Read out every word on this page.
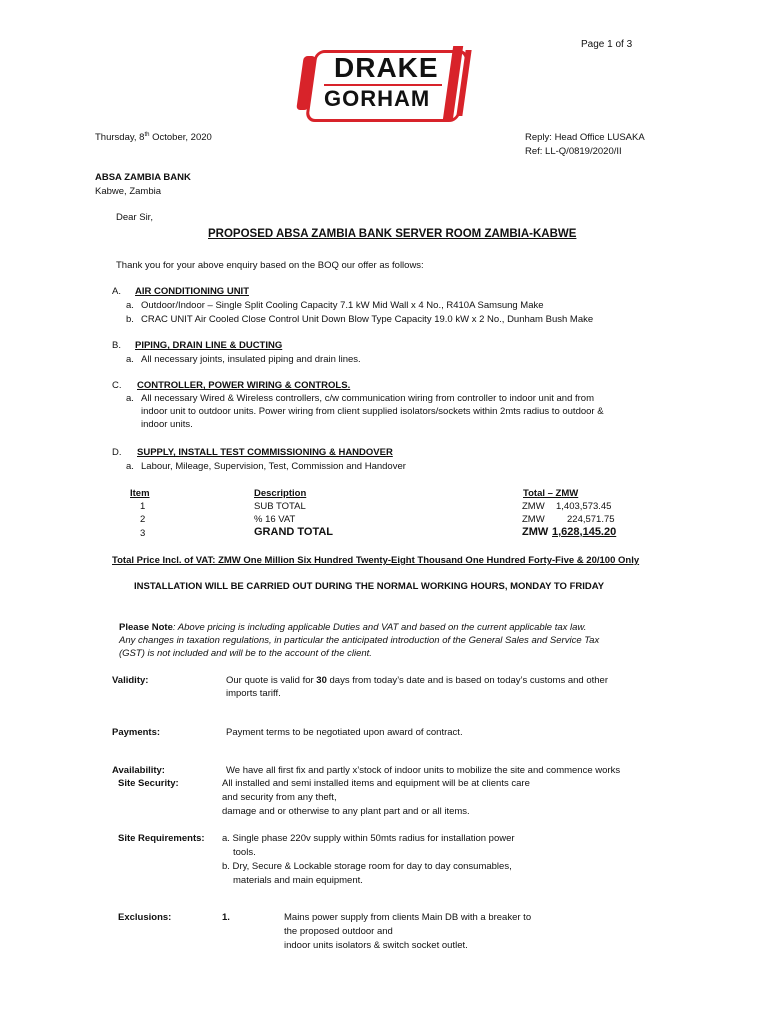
Page 1 of 3
DRAKE
GORHAM
Thursday, 8th October, 2020	Reply: Head Office LUSAKA
Ref: LL-Q/0819/2020/II
ABSA ZAMBIA BANK
Kabwe, Zambia
Dear Sir,
PROPOSED ABSA ZAMBIA BANK SERVER ROOM ZAMBIA-KABWE
Thank you for your above enquiry based on the BOQ our offer as follows:
A. AIR CONDITIONING UNIT
a. Outdoor/Indoor – Single Split Cooling Capacity 7.1 kW Mid Wall x 4 No., R410A Samsung Make
b. CRAC UNIT Air Cooled Close Control Unit Down Blow Type Capacity 19.0 kW x 2 No., Dunham Bush Make
B. PIPING, DRAIN LINE & DUCTING
a. All necessary joints, insulated piping and drain lines.
C. CONTROLLER, POWER WIRING & CONTROLS.
a. All necessary Wired & Wireless controllers, c/w communication wiring from controller to indoor unit and from
indoor unit to outdoor units. Power wiring from client supplied isolators/sockets within 2mts radius to outdoor &
indoor units.
D. SUPPLY, INSTALL TEST COMMISSIONING & HANDOVER
a. Labour, Mileage, Supervision, Test, Commission and Handover
Item	Description	Total – ZMW
1	SUB TOTAL	ZMW 1,403,573.45
2	% 16 VAT	ZMW 224,571.75
3	GRAND TOTAL	ZMW 1,628,145.20
Total Price Incl. of VAT: ZMW One Million Six Hundred Twenty-Eight Thousand One Hundred Forty-Five & 20/100 Only
INSTALLATION WILL BE CARRIED OUT DURING THE NORMAL WORKING HOURS, MONDAY TO FRIDAY
Please Note: Above pricing is including applicable Duties and VAT and based on the current applicable tax law.
Any changes in taxation regulations, in particular the anticipated introduction of the General Sales and Service Tax
(GST) is not included and will be to the account of the client.
Validity:	Our quote is valid for 30 days from today’s date and is based on today’s customs and other
imports tariff.
Payments:	Payment terms to be negotiated upon award of contract.
Availability:	We have all first fix and partly x’stock of indoor units to mobilize the site and commence works
Site Security:	All installed and semi installed items and equipment will be at clients care
and security from any theft,
damage and or otherwise to any plant part and or all items.
Site Requirements: a. Single phase 220v supply within 50mts radius for installation power
tools.
b. Dry, Secure & Lockable storage room for day to day consumables,
materials and main equipment.
Exclusions:	1.	Mains power supply from clients Main DB with a breaker to
the proposed outdoor and
indoor units isolators & switch socket outlet.
